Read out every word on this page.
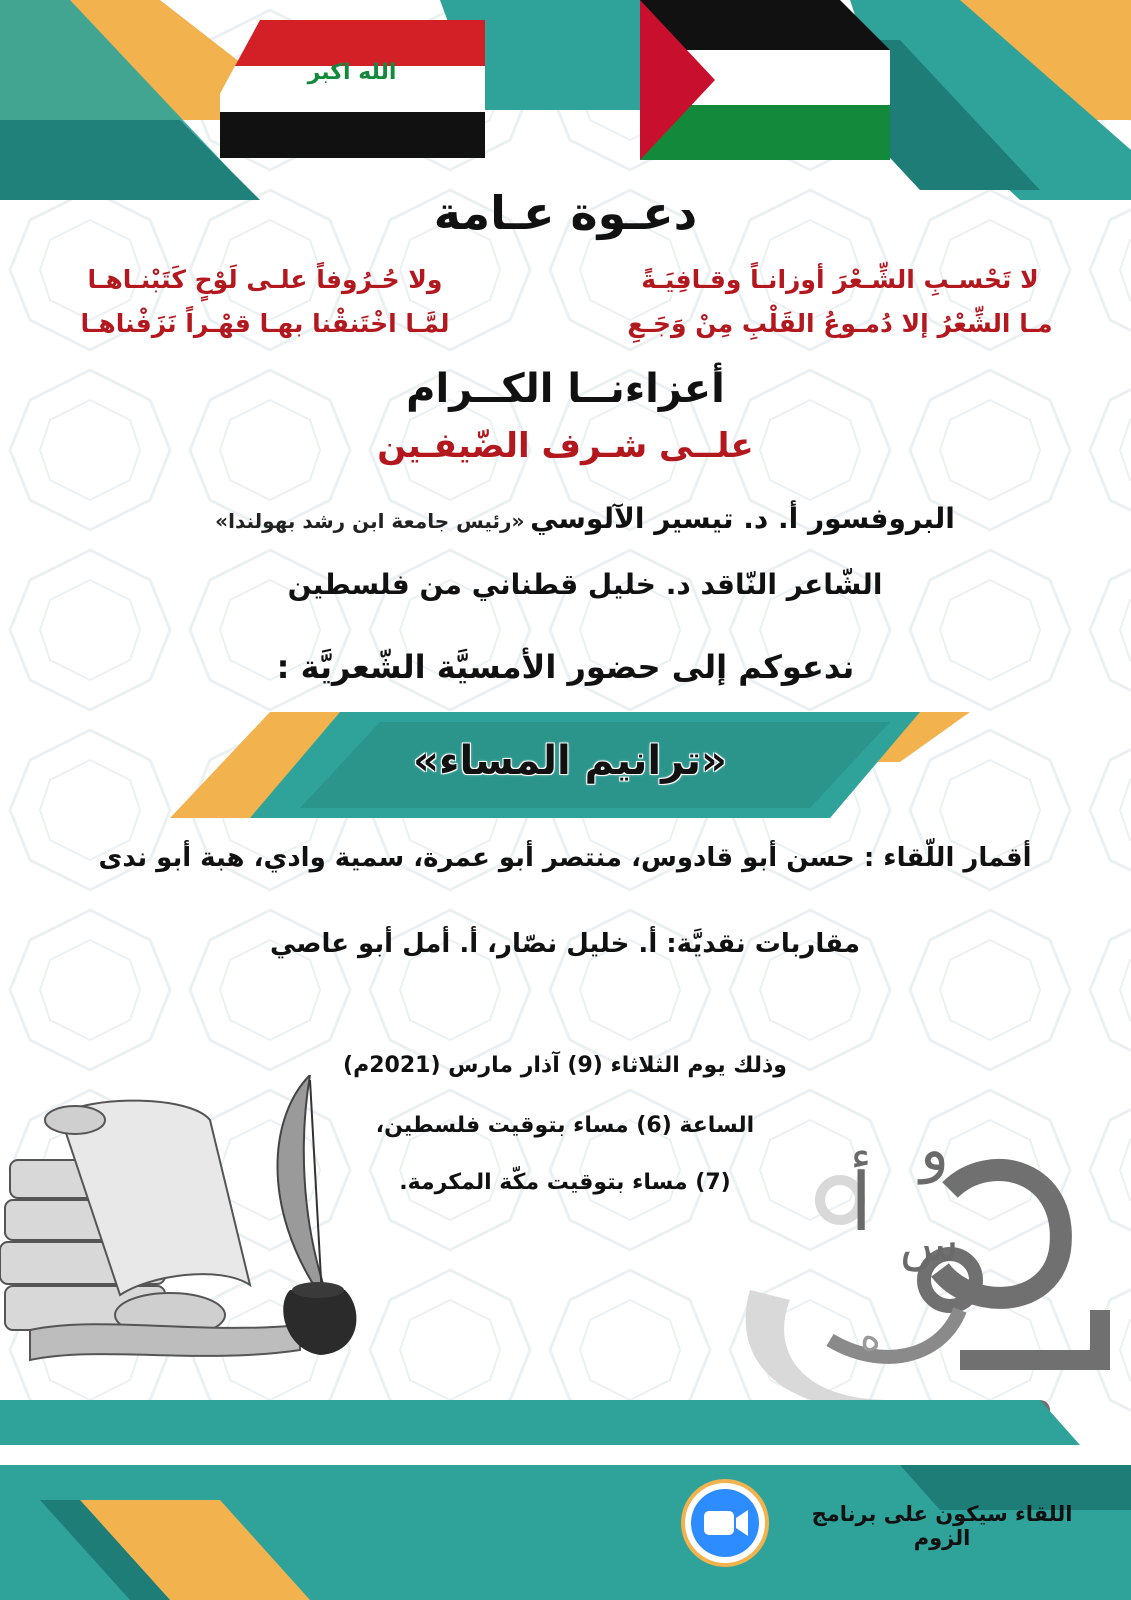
الله اكبر
دعـوة عـامة
لا تَحْسـبِ الشِّـعْرَ أوزانـاً وقـافِيَـةً
مـا الشِّعْرُ إلا دُمـوعُ القَلْبِ مِنْ وَجَـعِ
ولا حُـرُوفاً علـى لَوْحٍ كَتَبْنـاهـا
لمَّـا اخْتَنقْنا بهـا قهْـراً نَزَفْناهـا
أعزاءنــا الكــرام
علــى شـرف الضّيفـين
البروفسور أ. د. تيسير الآلوسي «رئيس جامعة ابن رشد بهولندا»
الشّاعر النّاقد د. خليل قطناني من فلسطين
ندعوكم إلى حضور الأمسيَّة الشّعريَّة :
«ترانيم المساء»
أقمار اللّقاء : حسن أبو قادوس، منتصر أبو عمرة، سمية وادي، هبة أبو ندى
مقاربات نقديَّة: أ. خليل نصّار، أ. أمل أبو عاصي
وذلك يوم الثلاثاء (9) آذار مارس (2021م)
الساعة (6) مساء بتوقيت فلسطين،
(7) مساء بتوقيت مكّة المكرمة.	و
س
أ
ه
اللقاء سيكون على برنامج الزوم
